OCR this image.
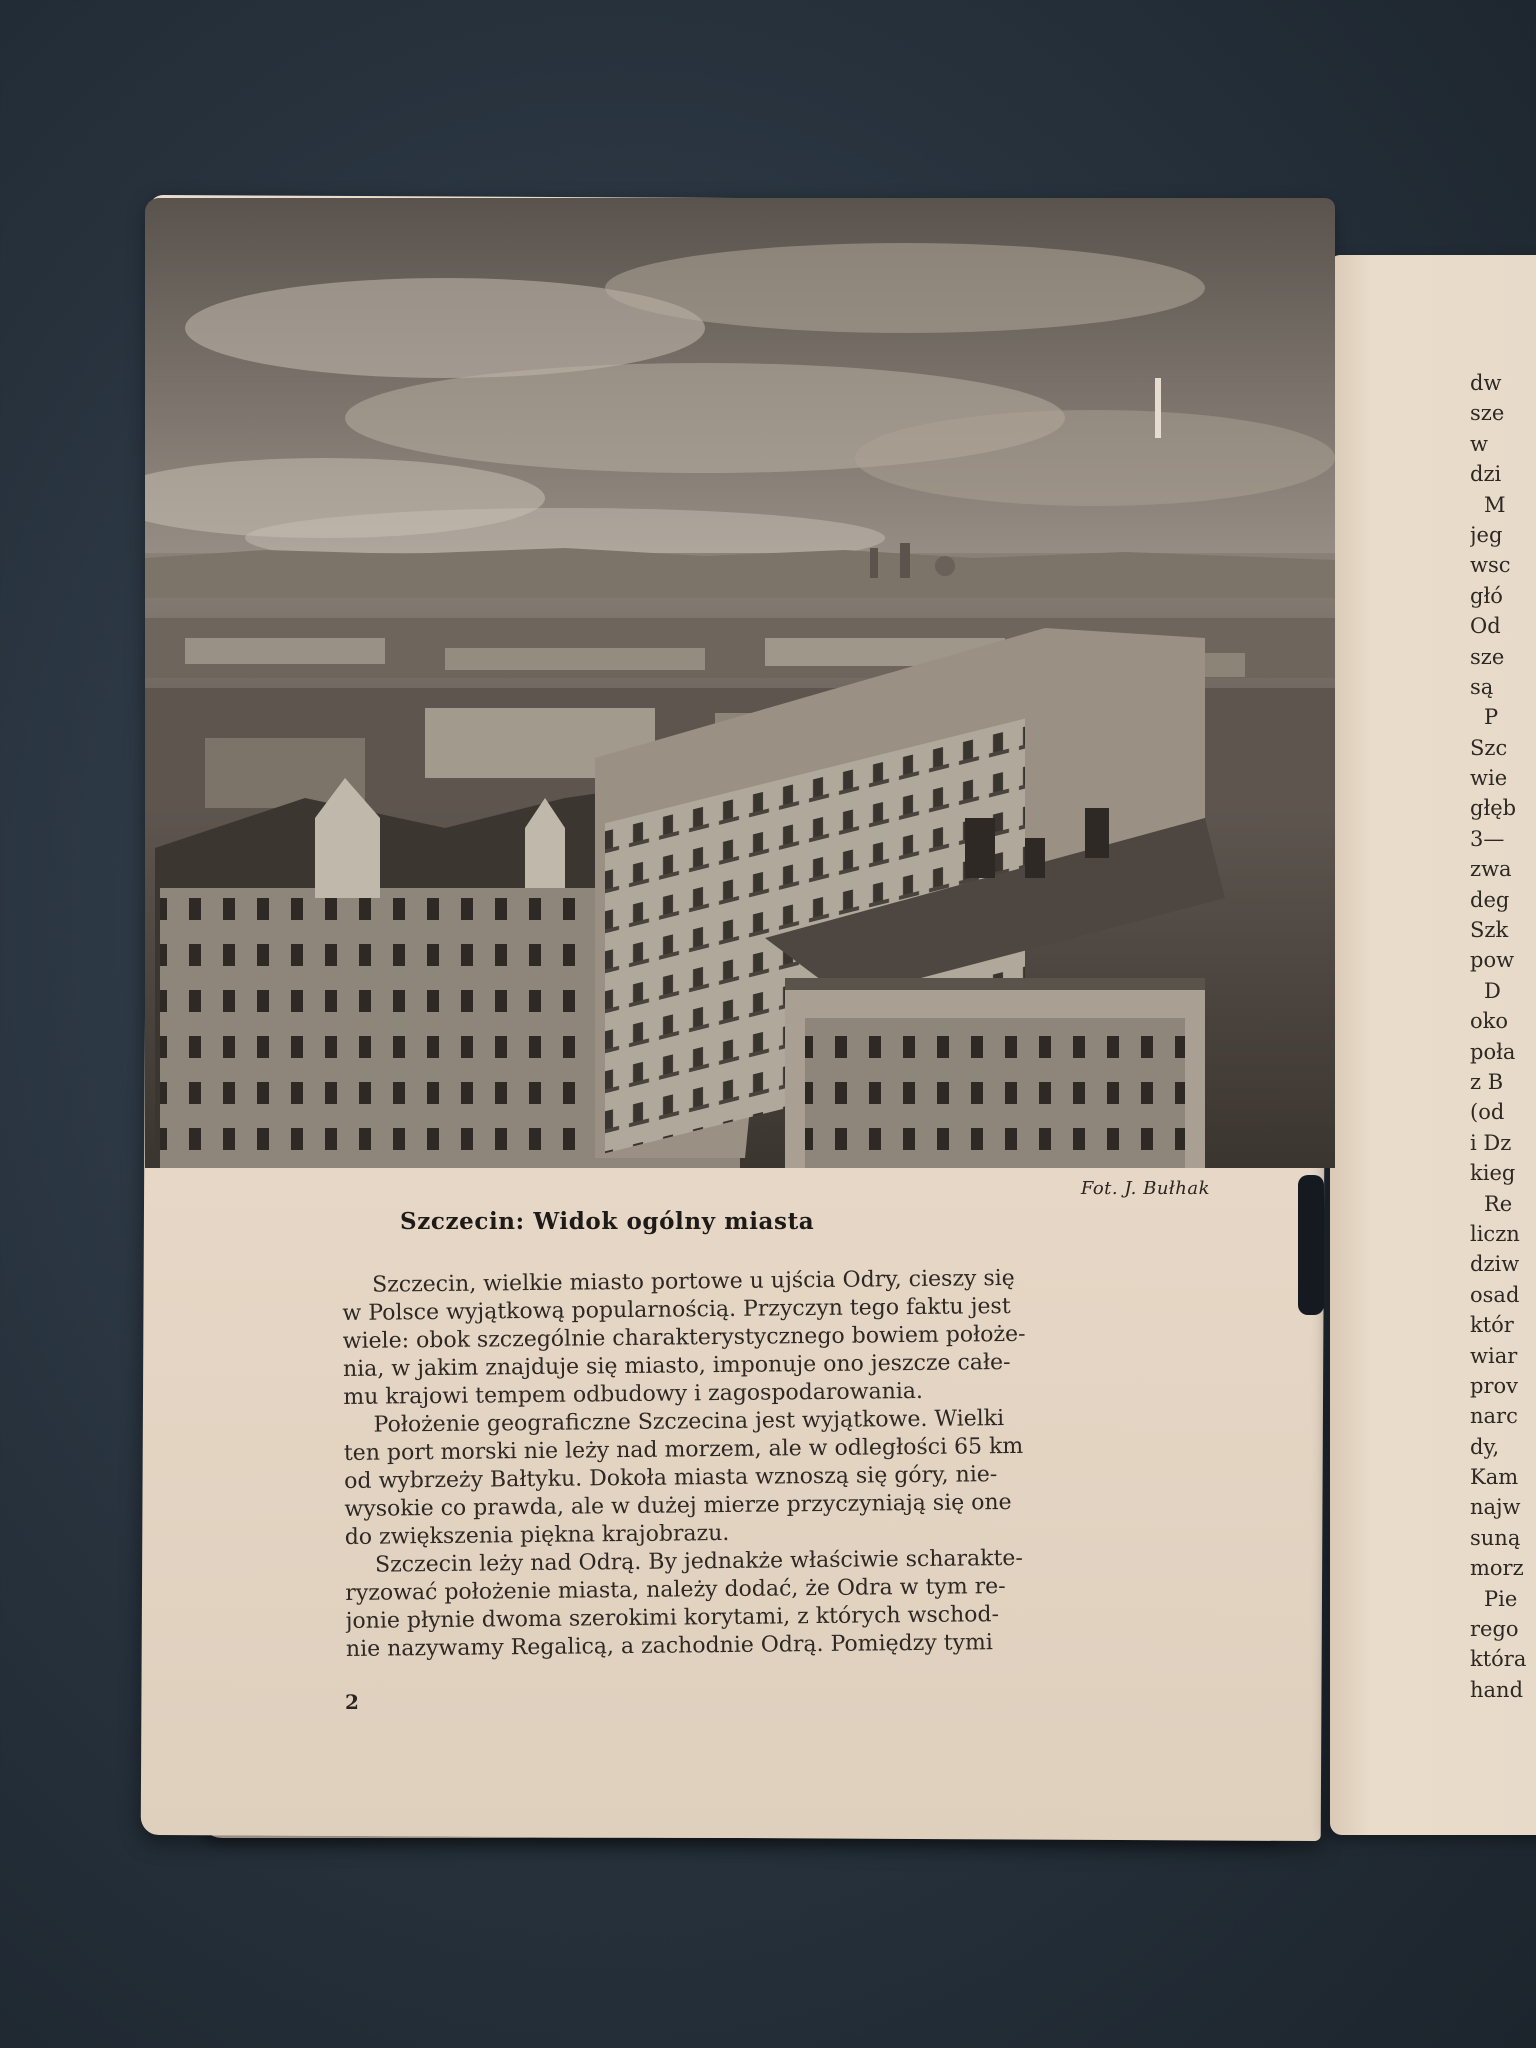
Fot. J. Bułhak
Szczecin: Widok ogólny miasta
Szczecin, wielkie miasto portowe u ujścia Odry, cieszy się
w Polsce wyjątkową popularnością. Przyczyn tego faktu jest
wiele: obok szczególnie charakterystycznego bowiem położe-
nia, w jakim znajduje się miasto, imponuje ono jeszcze całe-
mu krajowi tempem odbudowy i zagospodarowania.
Położenie geograficzne Szczecina jest wyjątkowe. Wielki
ten port morski nie leży nad morzem, ale w odległości 65 km
od wybrzeży Bałtyku. Dokoła miasta wznoszą się góry, nie-
wysokie co prawda, ale w dużej mierze przyczyniają się one
do zwiększenia piękna krajobrazu.
Szczecin leży nad Odrą. By jednakże właściwie scharakte-
ryzować położenie miasta, należy dodać, że Odra w tym re-
jonie płynie dwoma szerokimi korytami, z których wschod-
nie nazywamy Regalicą, a zachodnie Odrą. Pomiędzy tymi
2
dw
sze
w
dzi
M
jeg
wsc
głó
Od
sze
są
P
Szc
wie
głęb
3—
zwa
deg
Szk
pow
D
oko
poła
z B
(od
i Dz
kieg
Re
liczn
dziw
osad
któr
wiar
prov
narc
dy,
Kam
najw
suną
morz
Pie
rego
która
hand
